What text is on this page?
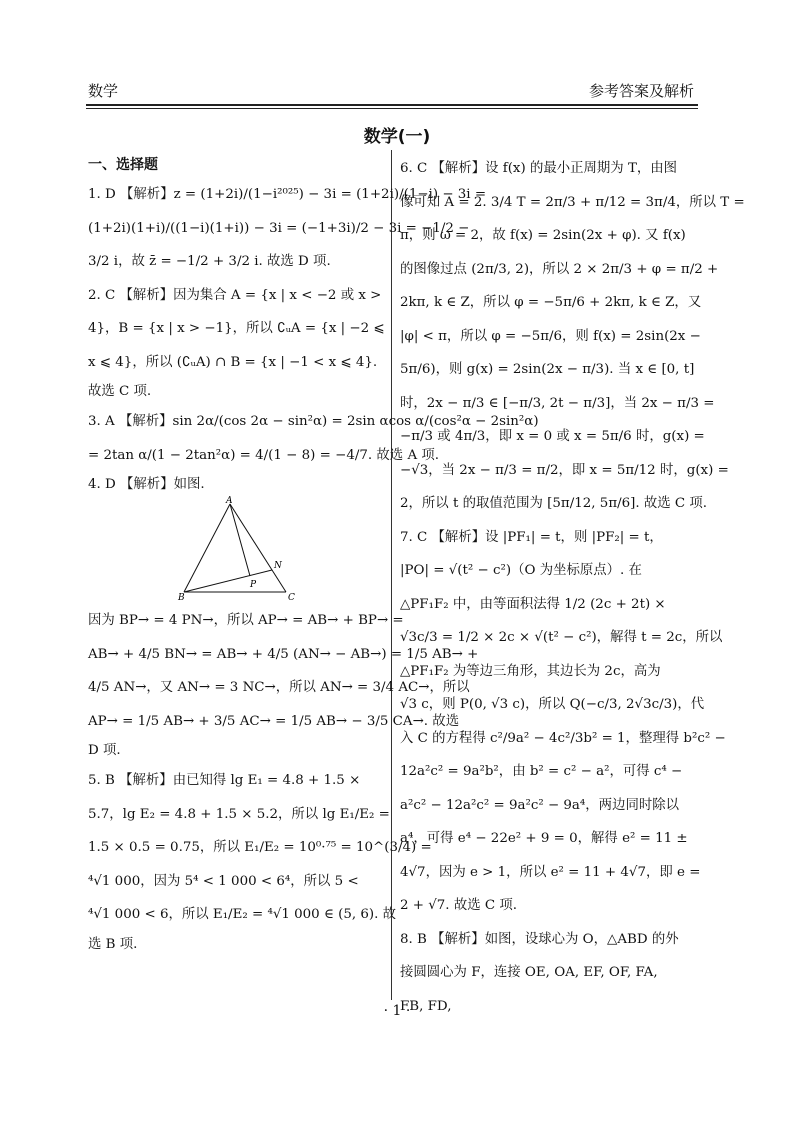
数学	参考答案及解析
数学(一)
一、选择题
1. D 【解析】z = (1+2i)/(1−i²⁰²⁵) − 3i = (1+2i)/(1−i) − 3i =
(1+2i)(1+i)/((1−i)(1+i)) − 3i = (−1+3i)/2 − 3i = −1/2 −
3/2 i，故 z̄ = −1/2 + 3/2 i. 故选 D 项.
2. C 【解析】因为集合 A = {x | x < −2 或 x >
4}，B = {x | x > −1}，所以 ∁ᵤA = {x | −2 ⩽
x ⩽ 4}，所以 (∁ᵤA) ∩ B = {x | −1 < x ⩽ 4}.
故选 C 项.
3. A 【解析】sin 2α/(cos 2α − sin²α) = 2sin αcos α/(cos²α − 2sin²α)
= 2tan α/(1 − 2tan²α) = 4/(1 − 8) = −4/7. 故选 A 项.
4. D 【解析】如图.
A
B	C
N
P
因为 BP→ = 4 PN→，所以 AP→ = AB→ + BP→ =
AB→ + 4/5 BN→ = AB→ + 4/5 (AN→ − AB→) = 1/5 AB→ +
4/5 AN→，又 AN→ = 3 NC→，所以 AN→ = 3/4 AC→，所以
AP→ = 1/5 AB→ + 3/5 AC→ = 1/5 AB→ − 3/5 CA→. 故选
D 项.
5. B 【解析】由已知得 lg E₁ = 4.8 + 1.5 ×
5.7，lg E₂ = 4.8 + 1.5 × 5.2，所以 lg E₁/E₂ =
1.5 × 0.5 = 0.75，所以 E₁/E₂ = 10⁰·⁷⁵ = 10^(3/4) =
⁴√1 000，因为 5⁴ < 1 000 < 6⁴，所以 5 <
⁴√1 000 < 6，所以 E₁/E₂ = ⁴√1 000 ∈ (5, 6). 故
选 B 项.
6. C 【解析】设 f(x) 的最小正周期为 T，由图
像可知 A = 2. 3/4 T = 2π/3 + π/12 = 3π/4，所以 T =
π，则 ω = 2，故 f(x) = 2sin(2x + φ). 又 f(x)
的图像过点 (2π/3, 2)，所以 2 × 2π/3 + φ = π/2 +
2kπ, k ∈ Z，所以 φ = −5π/6 + 2kπ, k ∈ Z，又
|φ| < π，所以 φ = −5π/6，则 f(x) = 2sin(2x −
5π/6)，则 g(x) = 2sin(2x − π/3). 当 x ∈ [0, t]
时，2x − π/3 ∈ [−π/3, 2t − π/3]，当 2x − π/3 =
−π/3 或 4π/3，即 x = 0 或 x = 5π/6 时，g(x) =
−√3，当 2x − π/3 = π/2，即 x = 5π/12 时，g(x) =
2，所以 t 的取值范围为 [5π/12, 5π/6]. 故选 C 项.
7. C 【解析】设 |PF₁| = t，则 |PF₂| = t，
|PO| = √(t² − c²)（O 为坐标原点）. 在
△PF₁F₂ 中，由等面积法得 1/2 (2c + 2t) ×
√3c/3 = 1/2 × 2c × √(t² − c²)，解得 t = 2c，所以
△PF₁F₂ 为等边三角形，其边长为 2c，高为
√3 c，则 P(0, √3 c)，所以 Q(−c/3, 2√3c/3)，代
入 C 的方程得 c²/9a² − 4c²/3b² = 1，整理得 b²c² −
12a²c² = 9a²b²，由 b² = c² − a²，可得 c⁴ −
a²c² − 12a²c² = 9a²c² − 9a⁴，两边同时除以
a⁴，可得 e⁴ − 22e² + 9 = 0，解得 e² = 11 ±
4√7，因为 e > 1，所以 e² = 11 + 4√7，即 e =
2 + √7. 故选 C 项.
8. B 【解析】如图，设球心为 O，△ABD 的外
接圆圆心为 F，连接 OE, OA, EF, OF, FA,
FB, FD,
· 1 ·
